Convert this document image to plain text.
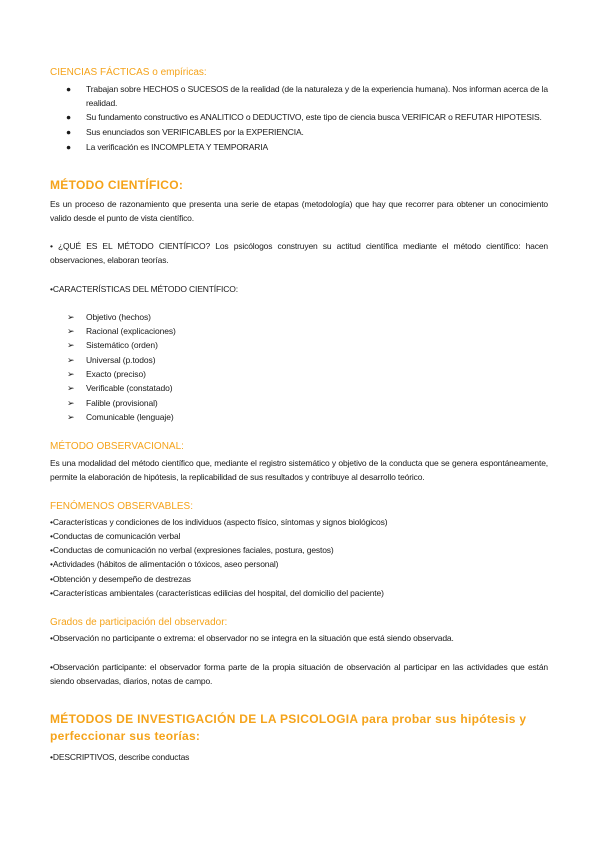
CIENCIAS FÁCTICAS o empíricas:
● Trabajan sobre HECHOS o SUCESOS de la realidad (de la naturaleza y de la experiencia humana). Nos informan acerca de la realidad.
● Su fundamento constructivo es ANALITICO o DEDUCTIVO, este tipo de ciencia busca VERIFICAR o REFUTAR HIPOTESIS.
● Sus enunciados son VERIFICABLES por la EXPERIENCIA.
● La verificación es INCOMPLETA Y TEMPORARIA
MÉTODO CIENTÍFICO:
Es un proceso de razonamiento que presenta una serie de etapas (metodología) que hay que recorrer para obtener un conocimiento valido desde el punto de vista científico.
• ¿QUÉ ES EL MÉTODO CIENTÍFICO? Los psicólogos construyen su actitud científica mediante el método científico: hacen observaciones, elaboran teorías.
•CARACTERÍSTICAS DEL MÉTODO CIENTÍFICO:
➢ Objetivo (hechos)
➢ Racional (explicaciones)
➢ Sistemático (orden)
➢ Universal (p.todos)
➢ Exacto (preciso)
➢ Verificable (constatado)
➢ Falible (provisional)
➢ Comunicable (lenguaje)
MÉTODO OBSERVACIONAL:
Es una modalidad del método científico que, mediante el registro sistemático y objetivo de la conducta que se genera espontáneamente, permite la elaboración de hipótesis, la replicabilidad de sus resultados y contribuye al desarrollo teórico.
FENÓMENOS OBSERVABLES:
•Características y condiciones de los individuos (aspecto físico, síntomas y signos biológicos)
•Conductas de comunicación verbal
•Conductas de comunicación no verbal (expresiones faciales, postura, gestos)
•Actividades (hábitos de alimentación o tóxicos, aseo personal)
•Obtención y desempeño de destrezas
•Características ambientales (características edilicias del hospital, del domicilio del paciente)
Grados de participación del observador:
•Observación no participante o extrema: el observador no se integra en la situación que está siendo observada.
•Observación participante: el observador forma parte de la propia situación de observación al participar en las actividades que están siendo observadas, diarios, notas de campo.
MÉTODOS DE INVESTIGACIÓN DE LA PSICOLOGIA para probar sus hipótesis y perfeccionar sus teorías:
•DESCRIPTIVOS, describe conductas
